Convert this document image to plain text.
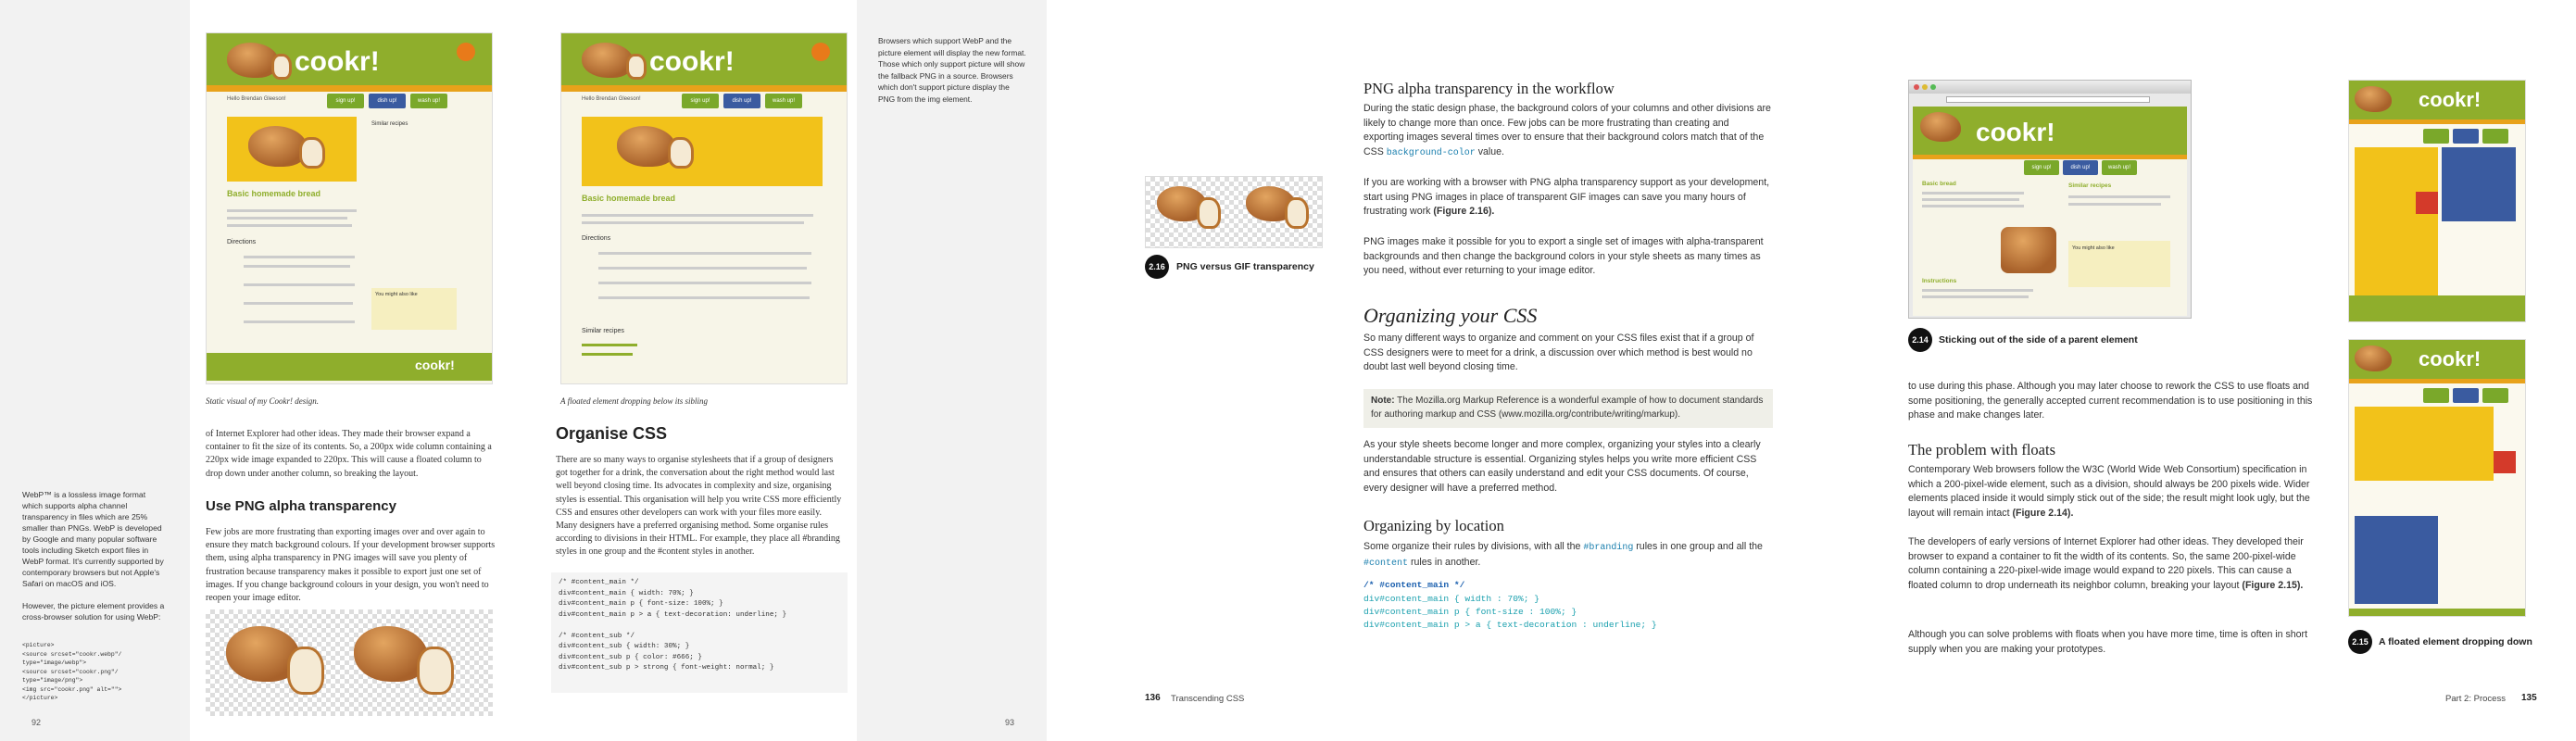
WebP™ is a lossless image format which supports alpha channel transparency in files which are 25% smaller than PNGs. WebP is developed by Google and many popular software tools including Sketch export files in WebP format. It's currently supported by contemporary browsers but not Apple's Safari on macOS and iOS.

However, the picture element provides a cross-browser solution for using WebP:

<picture>
<source srcset="cookr.webp"/
type="image/webp">
<source srcset="cookr.png"/
type="image/png">
<img src="cookr.png" alt="">
</picture>
92
cookr!
Hello Brendan Gleeson!	sign up!	dish up!	wash up!
Basic homemade bread
Similar recipes
Directions
You might also like
cookr!
Static visual of my Cookr! design.
cookr!
Hello Brendan Gleeson!	sign up!	dish up!	wash up!
Basic homemade bread
Directions
Similar recipes
A floated element dropping below its sibling

of Internet Explorer had other ideas. They made their browser expand a container to fit the size of its contents. So, a 200px wide column containing a 220px wide image expanded to 220px. This will cause a floated column to drop down under another column, so breaking the layout.

Use PNG alpha transparency

Few jobs are more frustrating than exporting images over and over again to ensure they match background colours. If your development browser supports them, using alpha transparency in PNG images will save you plenty of frustration because transparency makes it possible to export just one set of images. If you change background colours in your design, you won't need to reopen your image editor.

Organise CSS

There are so many ways to organise stylesheets that if a group of designers got together for a drink, the conversation about the right method would last well beyond closing time. Its advocates in complexity and size, organising styles is essential. This organisation will help you write CSS more efficiently CSS and ensures other developers can work with your files more easily. Many designers have a preferred organising method. Some organise rules according to divisions in their HTML. For example, they place all #branding styles in one group and the #content styles in another.

/* #content_main */
div#content_main { width: 70%; }
div#content_main p { font-size: 100%; }
div#content_main p > a { text-decoration: underline; }

/* #content_sub */
div#content_sub { width: 30%; }
div#content_sub p { color: #666; }
div#content_sub p > strong { font-weight: normal; }
93

Browsers which support WebP and the picture element will display the new format. Those which only support picture will show the fallback PNG in a source. Browsers which don't support picture display the PNG from the img element.

2.16	PNG versus GIF transparency
PNG alpha transparency in the workflow

During the static design phase, the background colors of your columns and other divisions are likely to change more than once. Few jobs can be more frustrating than creating and exporting images several times over to ensure that their background colors match that of the CSS background-color value.

If you are working with a browser with PNG alpha transparency support as your development, start using PNG images in place of transparent GIF images can save you many hours of frustrating work (Figure 2.16).

PNG images make it possible for you to export a single set of images with alpha-transparent backgrounds and then change the background colors in your style sheets as many times as you need, without ever returning to your image editor.

Organizing your CSS

So many different ways to organize and comment on your CSS files exist that if a group of CSS designers were to meet for a drink, a discussion over which method is best would no doubt last well beyond closing time.

Note: The Mozilla.org Markup Reference is a wonderful example of how to document standards for authoring markup and CSS (www.mozilla.org/contribute/writing/markup).

As your style sheets become longer and more complex, organizing your styles into a clearly understandable structure is essential. Organizing styles helps you write more efficient CSS and ensures that others can easily understand and edit your CSS documents. Of course, every designer will have a preferred method.

Organizing by location

Some organize their rules by divisions, with all the #branding rules in one group and all the #content rules in another.

/* #content_main */
div#content_main { width : 70%; }
div#content_main p { font-size : 100%; }
div#content_main p > a { text-decoration : underline; }
136 Transcending CSS
cookr!
sign up!	dish up!	wash up!
Basic bread
Instructions
Similar recipes
You might also like
2.14	Sticking out of the side of a parent element

to use during this phase. Although you may later choose to rework the CSS to use floats and some positioning, the generally accepted current recommendation is to use positioning in this phase and make changes later.

The problem with floats

Contemporary Web browsers follow the W3C (World Wide Web Consortium) specification in which a 200-pixel-wide element, such as a division, should always be 200 pixels wide. Wider elements placed inside it would simply stick out of the side; the result might look ugly, but the layout will remain intact (Figure 2.14).

The developers of early versions of Internet Explorer had other ideas. They developed their browser to expand a container to fit the width of its contents. So, the same 200-pixel-wide column containing a 220-pixel-wide image would expand to 220 pixels. This can cause a floated column to drop underneath its neighbor column, breaking your layout (Figure 2.15).

Although you can solve problems with floats when you have more time, time is often in short supply when you are making your prototypes.

Part 2: Process 135
cookr!
cookr!
2.15	A floated element dropping down
